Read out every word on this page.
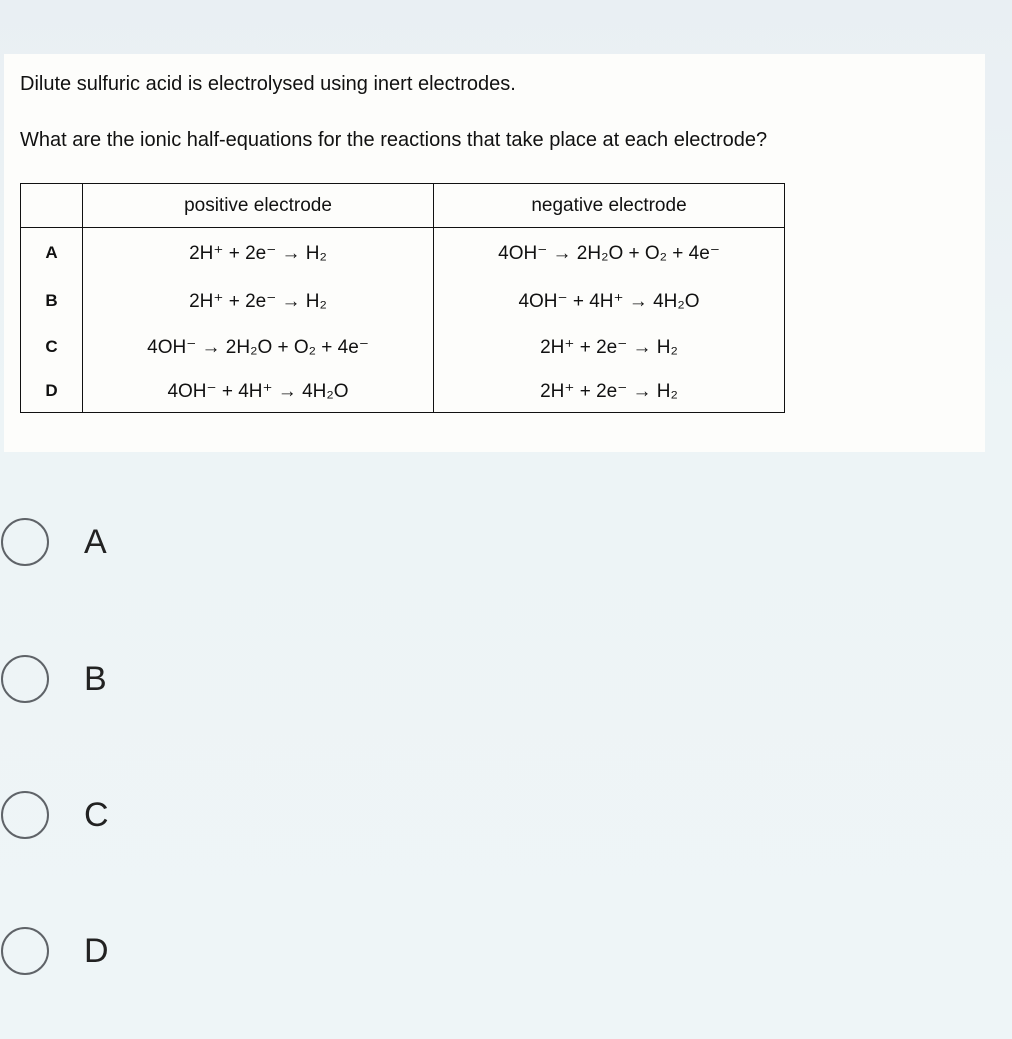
Dilute sulfuric acid is electrolysed using inert electrodes.
What are the ionic half-equations for the reactions that take place at each electrode?
	positive electrode	negative electrode
A	2H⁺ + 2e⁻ → H₂	4OH⁻ → 2H₂O + O₂ + 4e⁻
B	2H⁺ + 2e⁻ → H₂	4OH⁻ + 4H⁺ → 4H₂O
C	4OH⁻ → 2H₂O + O₂ + 4e⁻	2H⁺ + 2e⁻ → H₂
D	4OH⁻ + 4H⁺ → 4H₂O	2H⁺ + 2e⁻ → H₂
A
B
C
D
